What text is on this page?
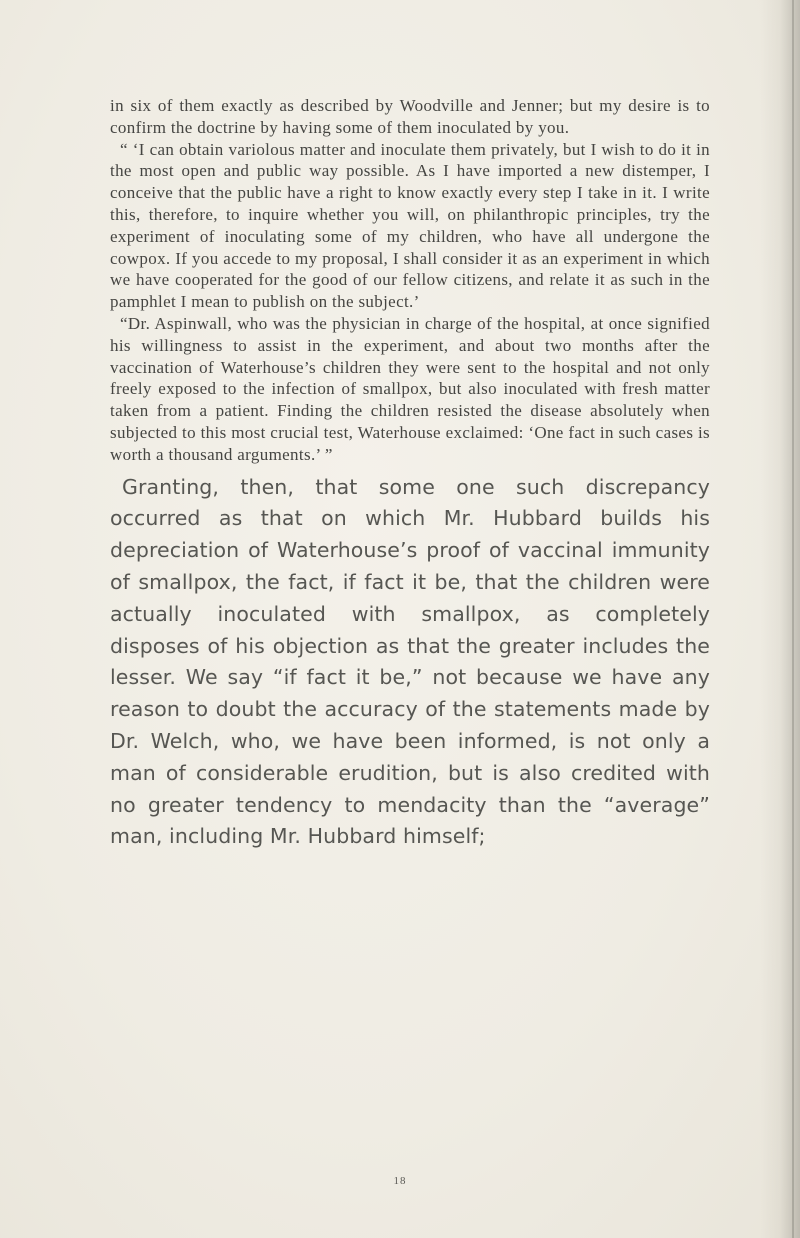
in six of them exactly as described by Woodville and Jenner; but my desire is to confirm the doctrine by having some of them inoculated by you.

“ ‘I can obtain variolous matter and inoculate them privately, but I wish to do it in the most open and public way possible. As I have imported a new distemper, I conceive that the public have a right to know exactly every step I take in it. I write this, therefore, to inquire whether you will, on philanthropic principles, try the experiment of inoculating some of my children, who have all undergone the cowpox. If you accede to my proposal, I shall consider it as an experiment in which we have cooperated for the good of our fellow citizens, and relate it as such in the pamphlet I mean to publish on the subject.’

“Dr. Aspinwall, who was the physician in charge of the hospital, at once signified his willingness to assist in the experiment, and about two months after the vaccination of Waterhouse’s children they were sent to the hospital and not only freely exposed to the infection of smallpox, but also inoculated with fresh matter taken from a patient. Finding the children resisted the disease absolutely when subjected to this most crucial test, Waterhouse exclaimed: ‘One fact in such cases is worth a thousand arguments.’ ”

Granting, then, that some one such discrepancy occurred as that on which Mr. Hubbard builds his depreciation of Waterhouse’s proof of vaccinal immunity of smallpox, the fact, if fact it be, that the children were actually inoculated with smallpox, as completely disposes of his objection as that the greater includes the lesser. We say “if fact it be,” not because we have any reason to doubt the accuracy of the statements made by Dr. Welch, who, we have been informed, is not only a man of considerable erudition, but is also credited with no greater tendency to mendacity than the “average” man, including Mr. Hubbard himself;

18
